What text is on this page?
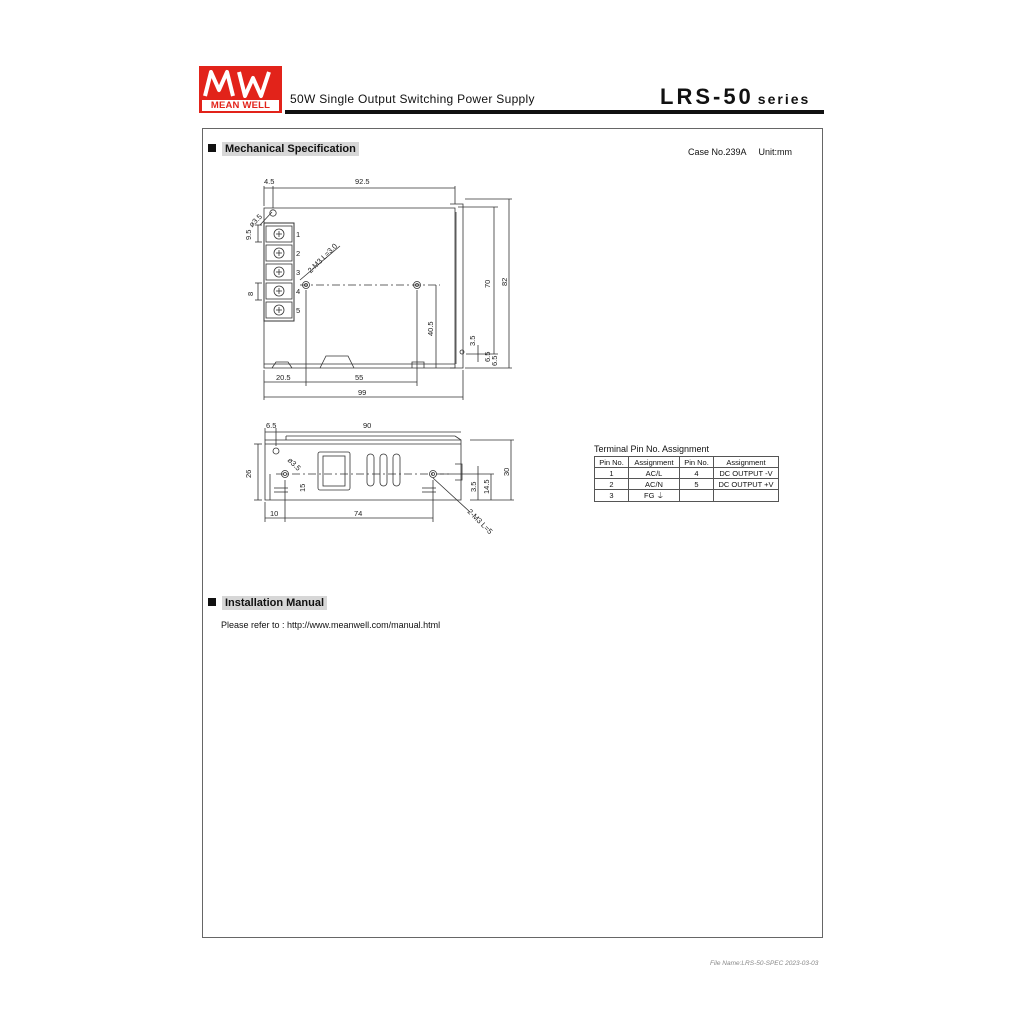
MEAN WELL	50W Single Output Switching Power Supply	LRS-50 series
Mechanical Specification	Case No.239A Unit:mm
4.5	92.5
ø3.5
9.5
2-M3 L=3.0
8
70 82
40.5
3.5
6.5
6.5
20.5	55
99
1
2
3
4
5
6.5	90
ø3.5
26
15	3.5 14.5
30
10	74	2-M3 L=5
Terminal Pin No. Assignment
Pin No.	Assignment	Pin No.	Assignment
1	AC/L	4	DC OUTPUT -V
2	AC/N	5	DC OUTPUT +V
3	FG ⏚		
Installation Manual
Please refer to : http://www.meanwell.com/manual.html
File Name:LRS-50-SPEC 2023-03-03
